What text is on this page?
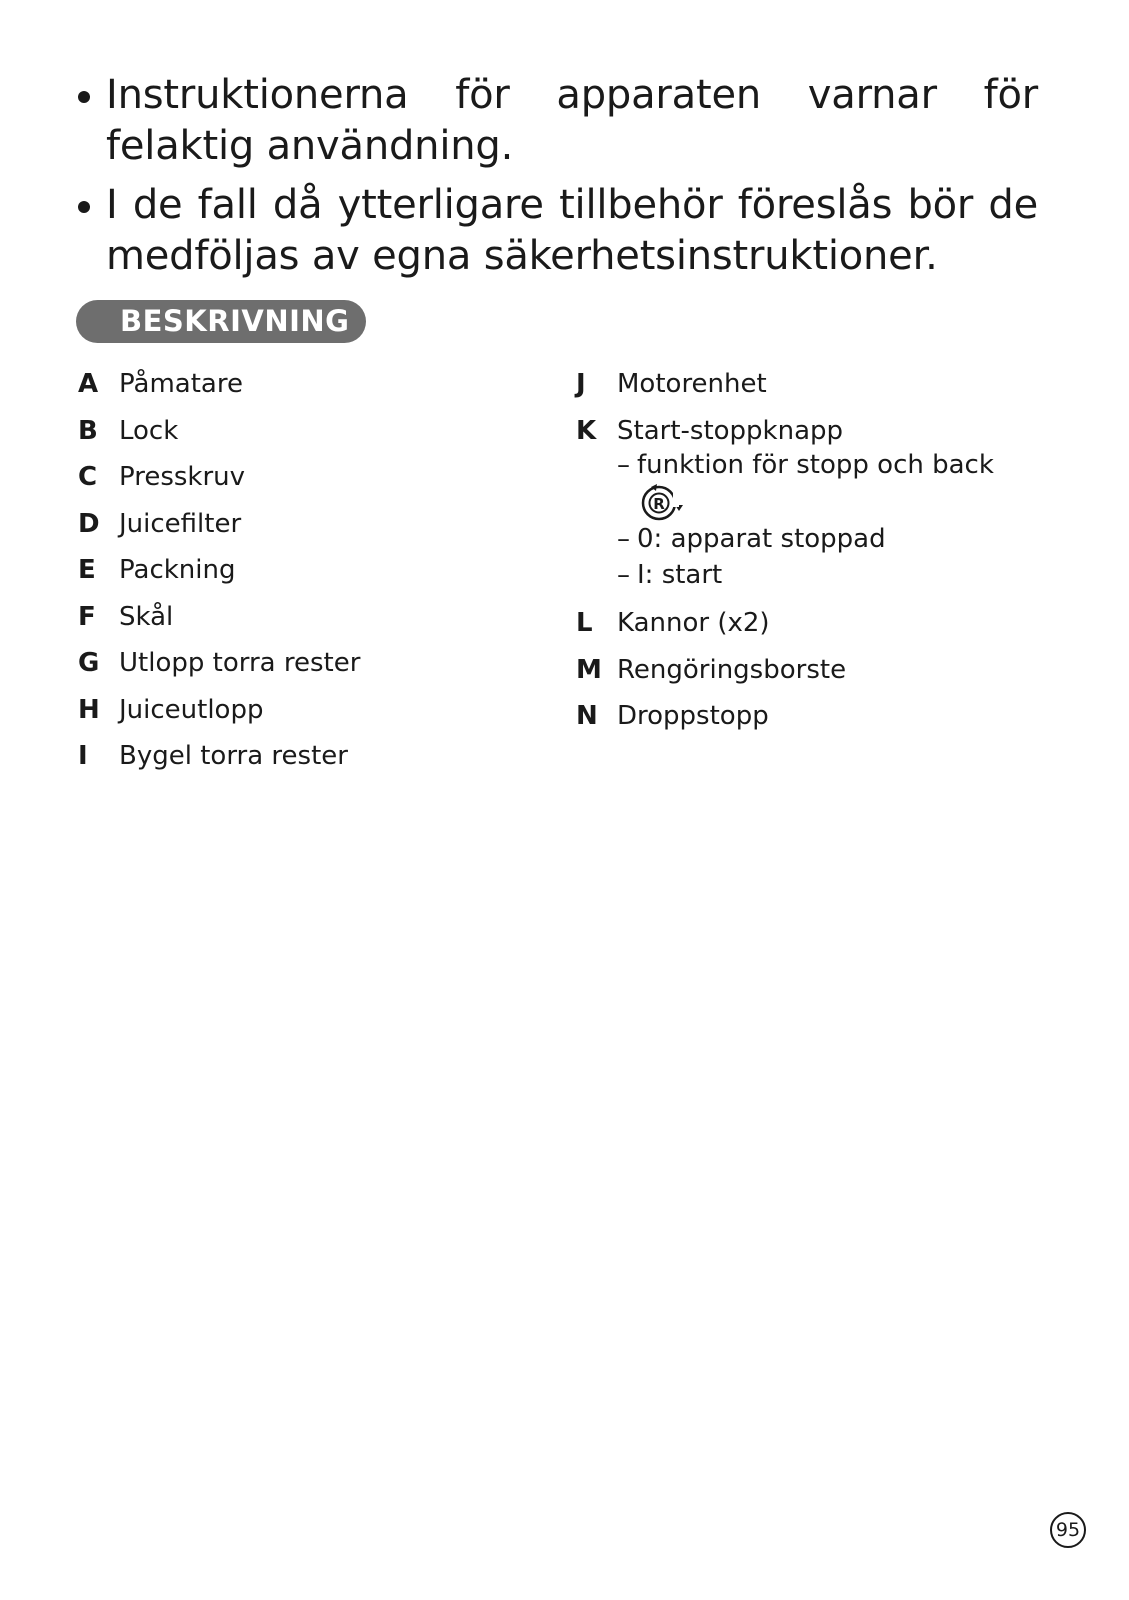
Instruktionerna för apparaten varnar för felaktig användning.
I de fall då ytterligare tillbehör föreslås bör de medföljas av egna säkerhetsinstruktioner.
BESKRIVNING
A Påmatare
B Lock
C Presskruv
D Juicefilter
E Packning
F Skål
G Utlopp torra rester
H Juiceutlopp
I	Bygel torra rester
J	Motorenhet
K Start-stoppknapp
– funktion för stopp och back
R
– 0: apparat stoppad
– I: start
L Kannor (x2)
M Rengöringsborste
N Droppstopp
95
